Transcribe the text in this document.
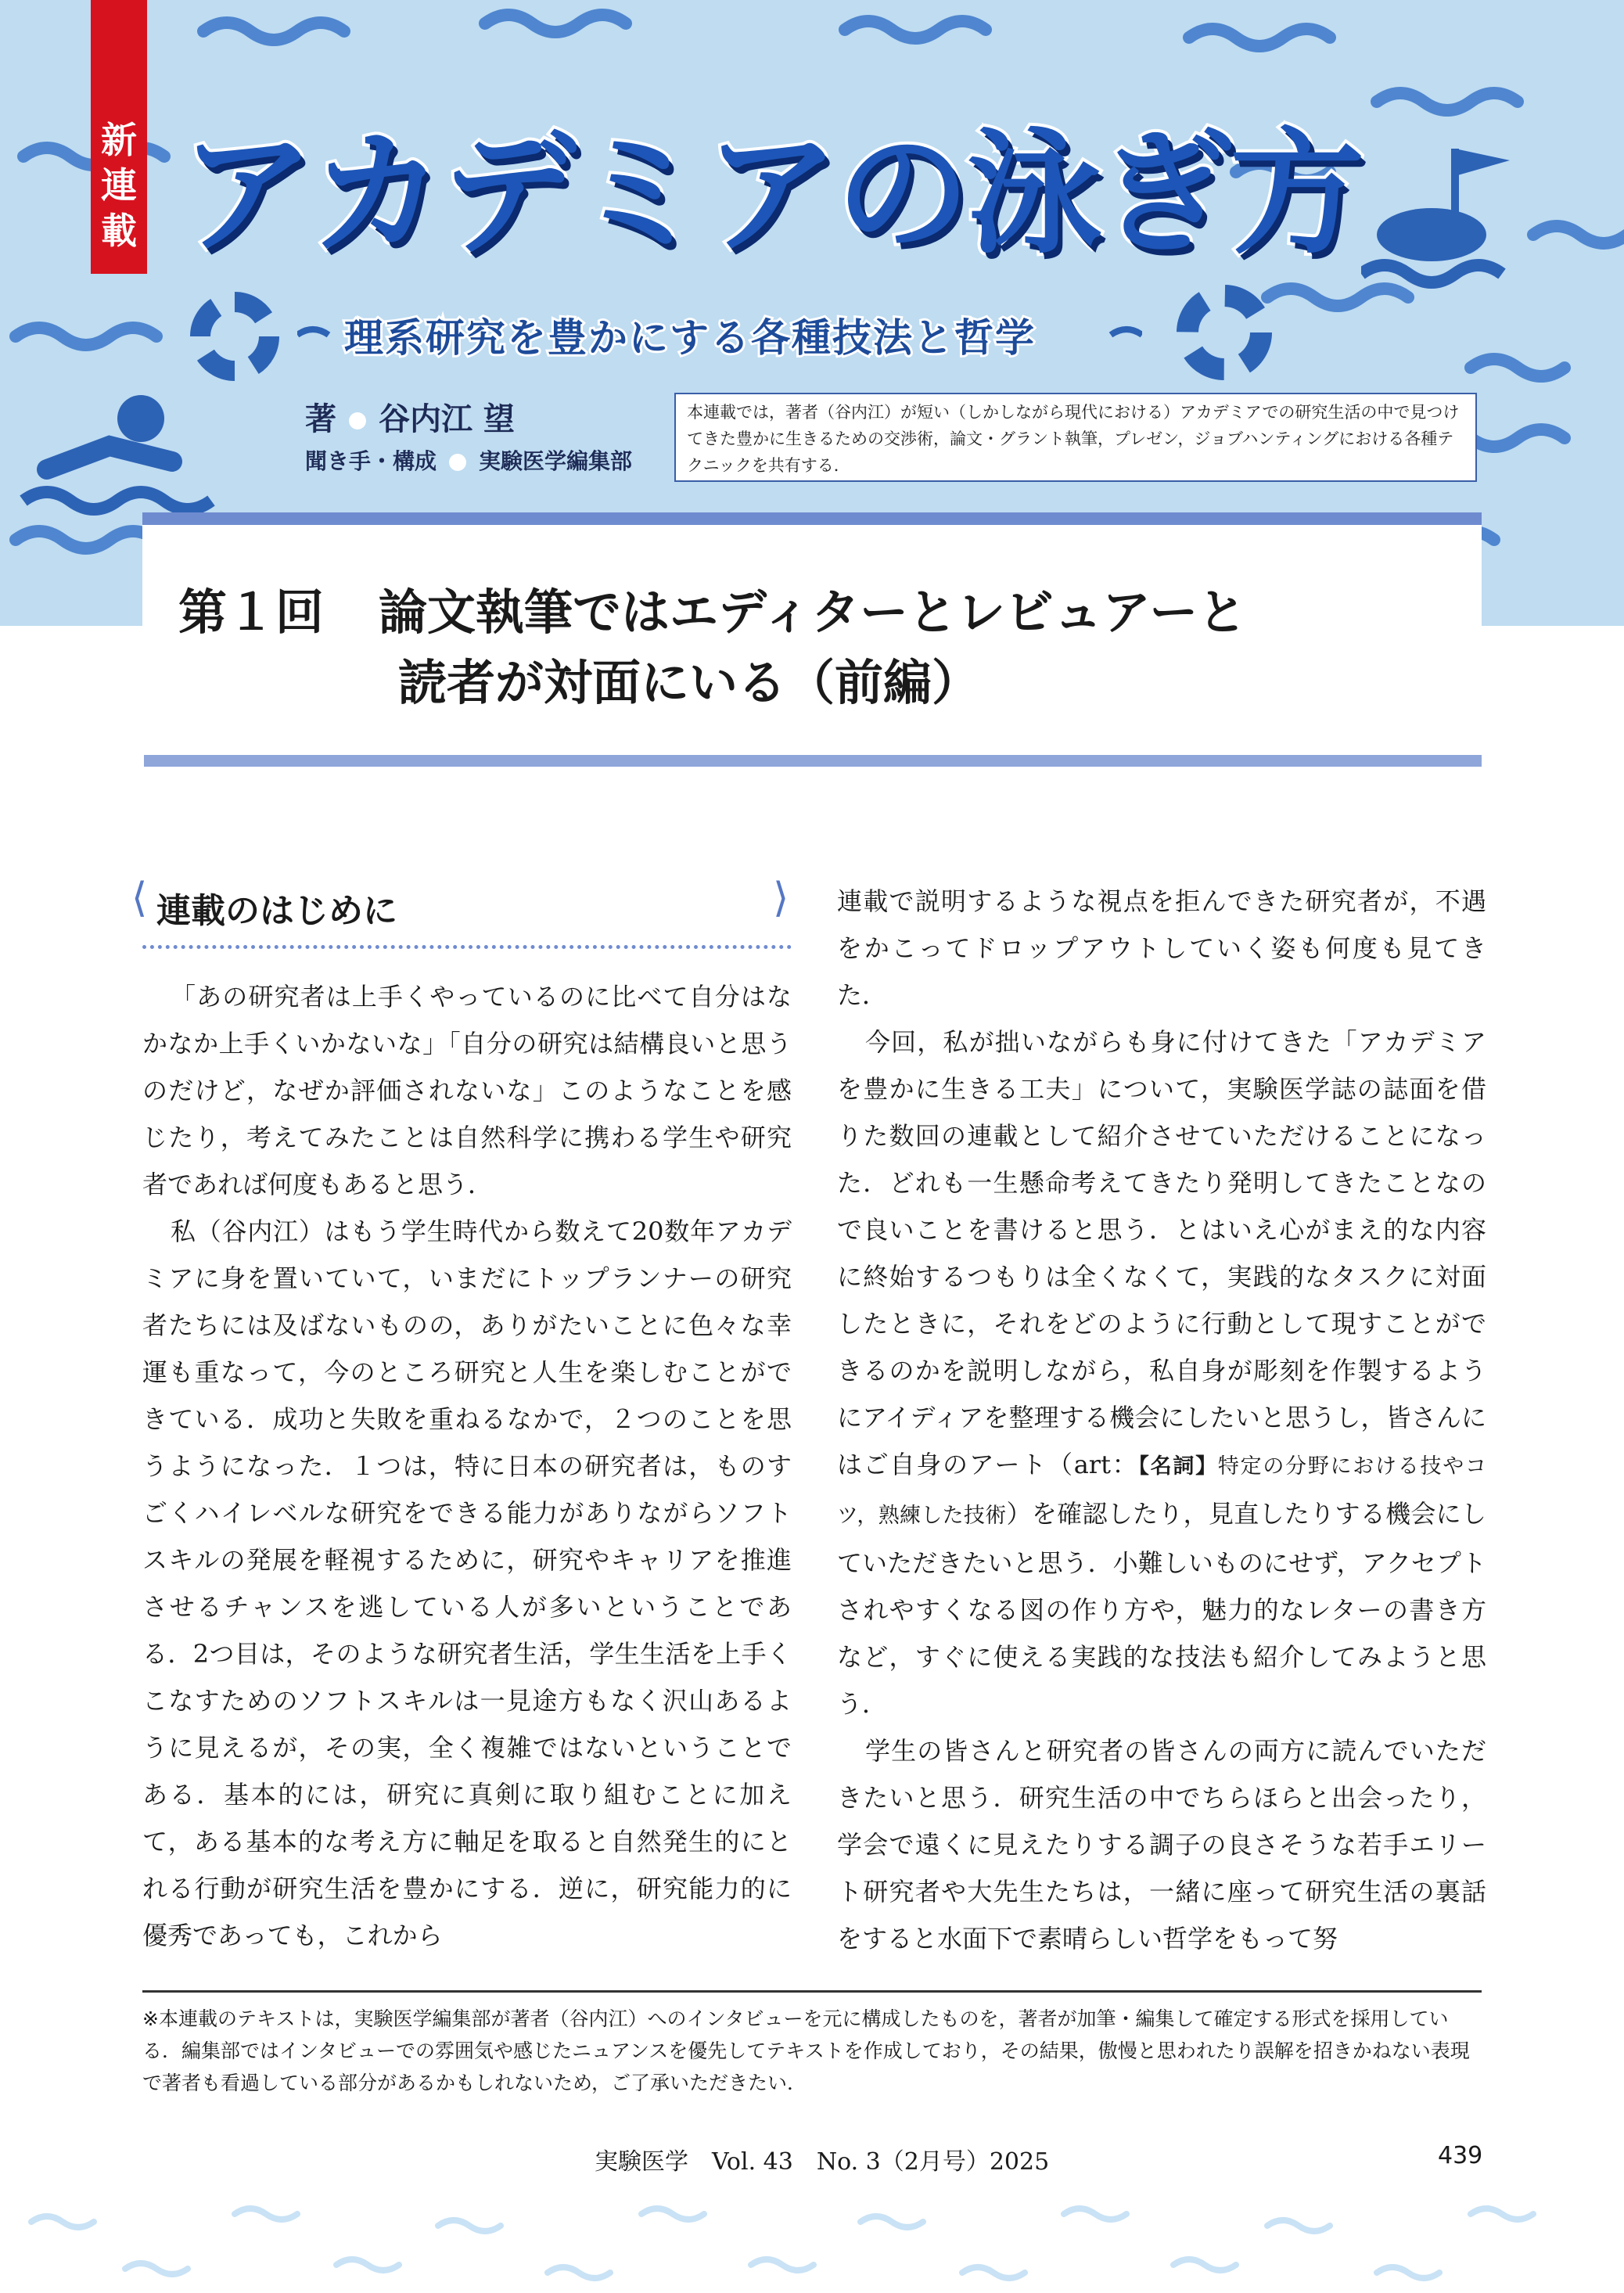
新
連
載 アカデミアの泳ぎ方
理系研究を豊かにする各種技法と哲学
著 谷内江 望
聞き手・構成 実験医学編集部
本連載では，著者（谷内江）が短い（しかしながら現代における）アカデミアでの研究生活の中で見つけてきた豊かに生きるための交渉術，論文・グラント執筆，プレゼン，ジョブハンティングにおける各種テクニックを共有する．
第１回 論文執筆ではエディターとレビュアーと
読者が対面にいる（前編）
⟨ 連載のはじめに	⟩

「あの研究者は上手くやっているのに比べて自分はなかなか上手くいかないな」「自分の研究は結構良いと思うのだけど，なぜか評価されないな」このようなことを感じたり，考えてみたことは自然科学に携わる学生や研究者であれば何度もあると思う．

私（谷内江）はもう学生時代から数えて20数年アカデミアに身を置いていて，いまだにトップランナーの研究者たちには及ばないものの，ありがたいことに色々な幸運も重なって，今のところ研究と人生を楽しむことができている．成功と失敗を重ねるなかで，２つのことを思うようになった．１つは，特に日本の研究者は，ものすごくハイレベルな研究をできる能力がありながらソフトスキルの発展を軽視するために，研究やキャリアを推進させるチャンスを逃している人が多いということである．2つ目は，そのような研究者生活，学生生活を上手くこなすためのソフトスキルは一見途方もなく沢山あるように見えるが，その実，全く複雑ではないということである．基本的には，研究に真剣に取り組むことに加えて，ある基本的な考え方に軸足を取ると自然発生的にとれる行動が研究生活を豊かにする．逆に，研究能力的に優秀であっても，これから

連載で説明するような視点を拒んできた研究者が，不遇をかこってドロップアウトしていく姿も何度も見てきた．

今回，私が拙いながらも身に付けてきた「アカデミアを豊かに生きる工夫」について，実験医学誌の誌面を借りた数回の連載として紹介させていただけることになった．どれも一生懸命考えてきたり発明してきたことなので良いことを書けると思う．とはいえ心がまえ的な内容に終始するつもりは全くなくて，実践的なタスクに対面したときに，それをどのように行動として現すことができるのかを説明しながら，私自身が彫刻を作製するようにアイディアを整理する機会にしたいと思うし，皆さんにはご自身のアート（art：【名詞】特定の分野における技やコツ，熟練した技術）を確認したり，見直したりする機会にしていただきたいと思う．小難しいものにせず，アクセプトされやすくなる図の作り方や，魅力的なレターの書き方など，すぐに使える実践的な技法も紹介してみようと思う．

学生の皆さんと研究者の皆さんの両方に読んでいただきたいと思う．研究生活の中でちらほらと出会ったり，学会で遠くに見えたりする調子の良さそうな若手エリート研究者や大先生たちは，一緒に座って研究生活の裏話をすると水面下で素晴らしい哲学をもって努

※本連載のテキストは，実験医学編集部が著者（谷内江）へのインタビューを元に構成したものを，著者が加筆・編集して確定する形式を採用している．編集部ではインタビューでの雰囲気や感じたニュアンスを優先してテキストを作成しており，その結果，傲慢と思われたり誤解を招きかねない表現で著者も看過している部分があるかもしれないため，ご了承いただきたい．
実験医学　Vol. 43　No. 3（2月号）2025	439
